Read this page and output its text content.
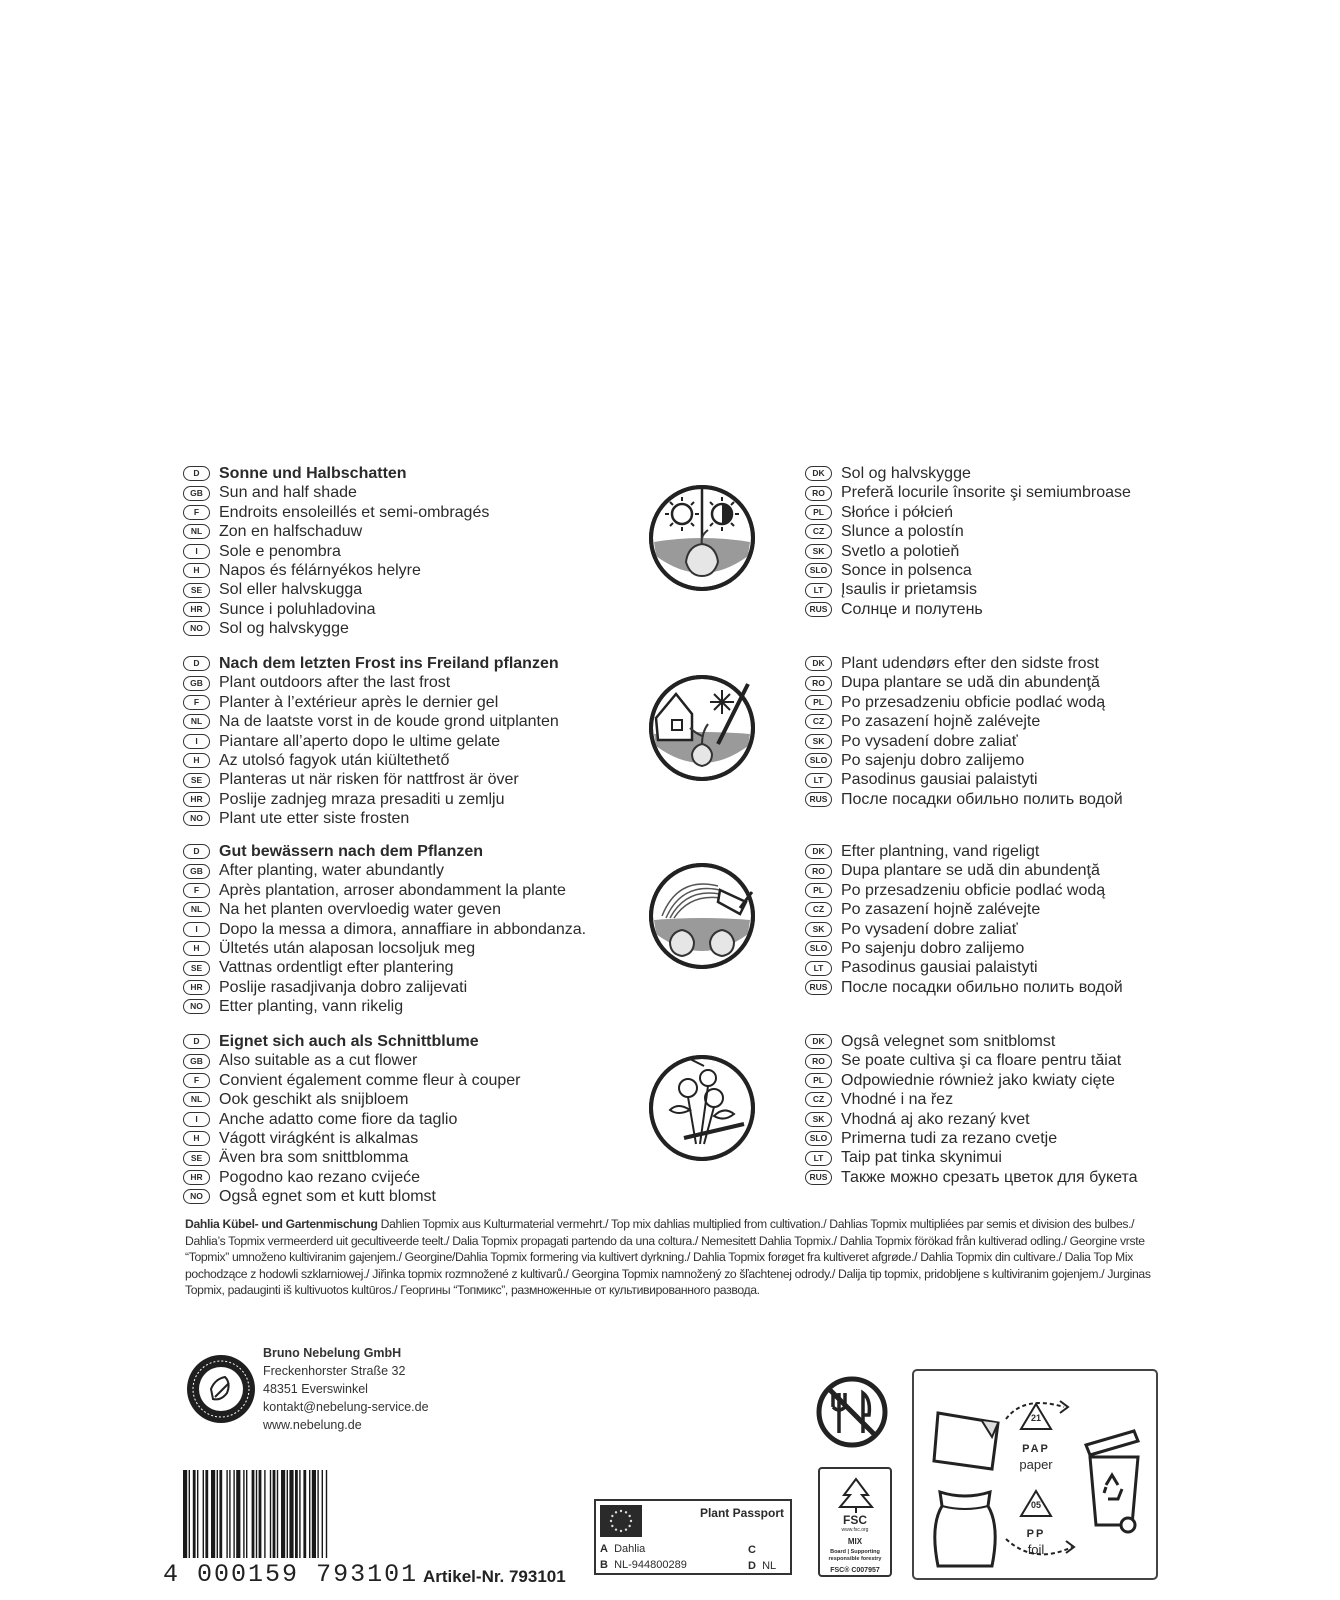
D	Sonne und Halbschatten
GB	Sun and half shade
F	Endroits ensoleillés et semi-ombragés
NL	Zon en halfschaduw
I	Sole e penombra
H	Napos és félárnyékos helyre
SE	Sol eller halvskugga
HR	Sunce i poluhladovina
NO	Sol og halvskygge
DK	Sol og halvskygge
RO	Preferă locurile însorite şi semiumbroase
PL	Słońce i półcień
CZ	Slunce a polostín
SK	Svetlo a polotieň
SLO Sonce in polsenca
LT	Įsaulis ir prietamsis
RUS Солнце и полутень
D	Nach dem letzten Frost ins Freiland pflanzen
GB	Plant outdoors after the last frost
F	Planter à l’extérieur après le dernier gel
NL	Na de laatste vorst in de koude grond uitplanten
I	Piantare all’aperto dopo le ultime gelate
H	Az utolsó fagyok után kiültethető
SE	Planteras ut när risken för nattfrost är över
HR	Poslije zadnjeg mraza presaditi u zemlju
NO	Plant ute etter siste frosten
DK	Plant udendørs efter den sidste frost
RO	Dupa plantare se udă din abundenţă
PL	Po przesadzeniu obficie podlać wodą
CZ	Po zasazení hojně zalévejte
SK	Po vysadení dobre zaliať
SLO Po sajenju dobro zalijemo
LT	Pasodinus gausiai palaistyti
RUS После посадки обильно полить водой
D	Gut bewässern nach dem Pflanzen
GB	After planting, water abundantly
F	Après plantation, arroser abondamment la plante
NL	Na het planten overvloedig water geven
I	Dopo la messa a dimora, annaffiare in abbondanza.
H	Ültetés után alaposan locsoljuk meg
SE	Vattnas ordentligt efter plantering
HR	Poslije rasadjivanja dobro zalijevati
NO	Etter planting, vann rikelig
DK	Efter plantning, vand rigeligt
RO	Dupa plantare se udă din abundenţă
PL	Po przesadzeniu obficie podlać wodą
CZ	Po zasazení hojně zalévejte
SK	Po vysadení dobre zaliať
SLO Po sajenju dobro zalijemo
LT	Pasodinus gausiai palaistyti
RUS После посадки обильно полить водой
D	Eignet sich auch als Schnittblume
GB	Also suitable as a cut flower
F	Convient également comme fleur à couper
NL	Ook geschikt als snijbloem
I	Anche adatto come fiore da taglio
H	Vágott virágként is alkalmas
SE	Även bra som snittblomma
HR	Pogodno kao rezano cvijeće
NO	Også egnet som et kutt blomst
DK	Ogsâ velegnet som snitblomst
RO	Se poate cultiva şi ca floare pentru tăiat
PL	Odpowiednie również jako kwiaty cięte
CZ	Vhodné i na řez
SK	Vhodná aj ako rezaný kvet
SLO Primerna tudi za rezano cvetje
LT	Taip pat tinka skynimui
RUS Также можно срезать цветок для букета
Dahlia Kübel- und Gartenmischung Dahlien Topmix aus Kulturmaterial vermehrt./ Top mix dahlias multiplied from cultivation./ Dahlias Topmix multipliées par semis et division des bulbes./ Dahlia’s Topmix vermeerderd uit gecultiveerde teelt./ Dalia Topmix propagati partendo da una coltura./ Nemesitett Dahlia Topmix./ Dahlia Topmix förökad från kultiverad odling./ Georgine vrste “Topmix” umnoženo kultiviranim gajenjem./ Georgine/Dahlia Topmix formering via kultivert dyrkning./ Dahlia Topmix forøget fra kultiveret afgrøde./ Dahlia Topmix din cultivare./ Dalia Top Mix pochodzące z hodowli szklarniowej./ Jiřinka topmix rozmnožené z kultivarů./ Georgina Topmix namnožený zo šľachtenej odrody./ Dalija tip topmix, pridobljene s kultiviranim gojenjem./ Jurginas Topmix, padauginti iš kultivuotos kultūros./ Георгины “Топмикс”, размноженные от культивированного развода.
Bruno Nebelung GmbH
Freckenhorster Straße 32
48351 Everswinkel
kontakt@nebelung-service.de
www.nebelung.de
4 000159 793101 Artikel-Nr. 793101
Plant Passport
A Dahlia
B NL-944800289
C
D NL
FSC
www.fsc.org
MIX
Board | Supporting responsible forestry
FSC® C007957
21
PAP
paper
05
PP
foil
